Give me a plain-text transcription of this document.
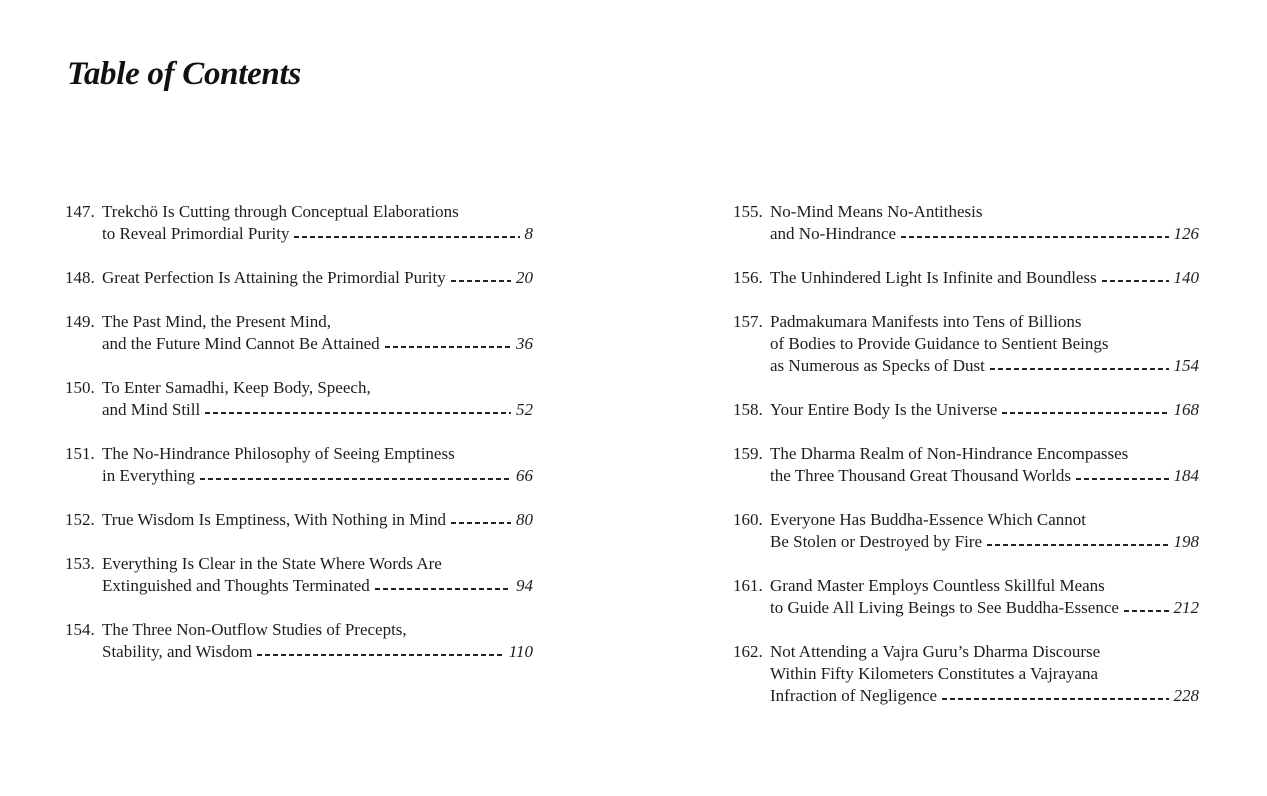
Table of Contents
147. Trekchö Is Cutting through Conceptual Elaborations
to Reveal Primordial Purity	8
148. Great Perfection Is Attaining the Primordial Purity	20
149. The Past Mind, the Present Mind,
and the Future Mind Cannot Be Attained	36
150. To Enter Samadhi, Keep Body, Speech,
and Mind Still	52
151. The No-Hindrance Philosophy of Seeing Emptiness
in Everything	66
152. True Wisdom Is Emptiness, With Nothing in Mind	80
153. Everything Is Clear in the State Where Words Are
Extinguished and Thoughts Terminated	94
154. The Three Non-Outflow Studies of Precepts,
Stability, and Wisdom	110
155. No-Mind Means No-Antithesis
and No-Hindrance	126
156. The Unhindered Light Is Infinite and Boundless	140
157. Padmakumara Manifests into Tens of Billions
of Bodies to Provide Guidance to Sentient Beings
as Numerous as Specks of Dust	154
158. Your Entire Body Is the Universe	168
159. The Dharma Realm of Non-Hindrance Encompasses
the Three Thousand Great Thousand Worlds	184
160. Everyone Has Buddha-Essence Which Cannot
Be Stolen or Destroyed by Fire	198
161. Grand Master Employs Countless Skillful Means
to Guide All Living Beings to See Buddha-Essence	212
162. Not Attending a Vajra Guru’s Dharma Discourse
Within Fifty Kilometers Constitutes a Vajrayana
Infraction of Negligence	228
